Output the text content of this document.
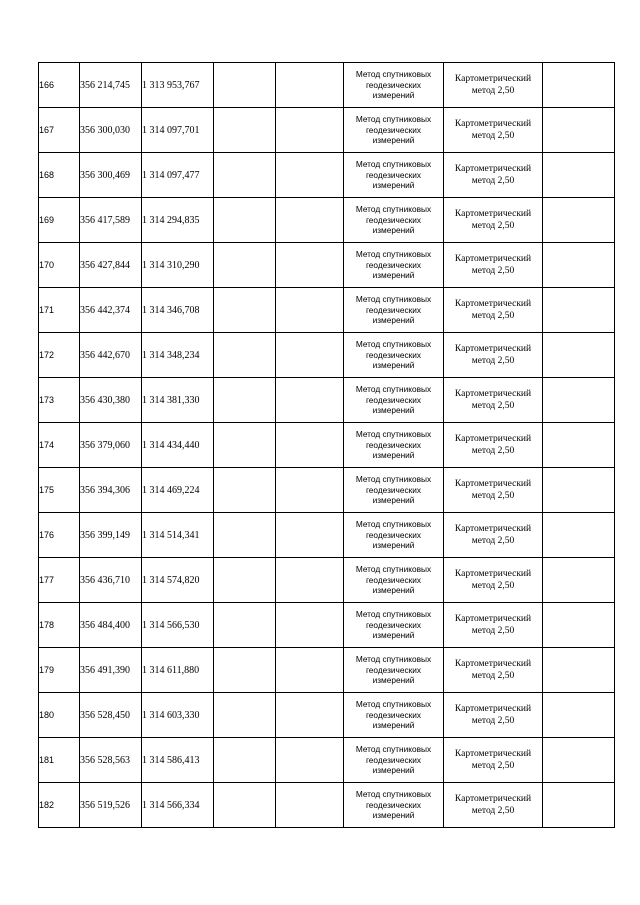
166	356 214,745	1 313 953,767			Метод спутниковых
геодезических
измерений	Картометрический
метод 2,50	

167	356 300,030	1 314 097,701			Метод спутниковых
геодезических
измерений	Картометрический
метод 2,50	

168	356 300,469	1 314 097,477			Метод спутниковых
геодезических
измерений	Картометрический
метод 2,50	

169	356 417,589	1 314 294,835			Метод спутниковых
геодезических
измерений	Картометрический
метод 2,50	

170	356 427,844	1 314 310,290			Метод спутниковых
геодезических
измерений	Картометрический
метод 2,50	

171	356 442,374	1 314 346,708			Метод спутниковых
геодезических
измерений	Картометрический
метод 2,50	

172	356 442,670	1 314 348,234			Метод спутниковых
геодезических
измерений	Картометрический
метод 2,50	

173	356 430,380	1 314 381,330			Метод спутниковых
геодезических
измерений	Картометрический
метод 2,50	

174	356 379,060	1 314 434,440			Метод спутниковых
геодезических
измерений	Картометрический
метод 2,50	

175	356 394,306	1 314 469,224			Метод спутниковых
геодезических
измерений	Картометрический
метод 2,50	

176	356 399,149	1 314 514,341			Метод спутниковых
геодезических
измерений	Картометрический
метод 2,50	

177	356 436,710	1 314 574,820			Метод спутниковых
геодезических
измерений	Картометрический
метод 2,50	

178	356 484,400	1 314 566,530			Метод спутниковых
геодезических
измерений	Картометрический
метод 2,50	

179	356 491,390	1 314 611,880			Метод спутниковых
геодезических
измерений	Картометрический
метод 2,50	

180	356 528,450	1 314 603,330			Метод спутниковых
геодезических
измерений	Картометрический
метод 2,50	

181	356 528,563	1 314 586,413			Метод спутниковых
геодезических
измерений	Картометрический
метод 2,50	

182	356 519,526	1 314 566,334			Метод спутниковых
геодезических
измерений	Картометрический
метод 2,50	
